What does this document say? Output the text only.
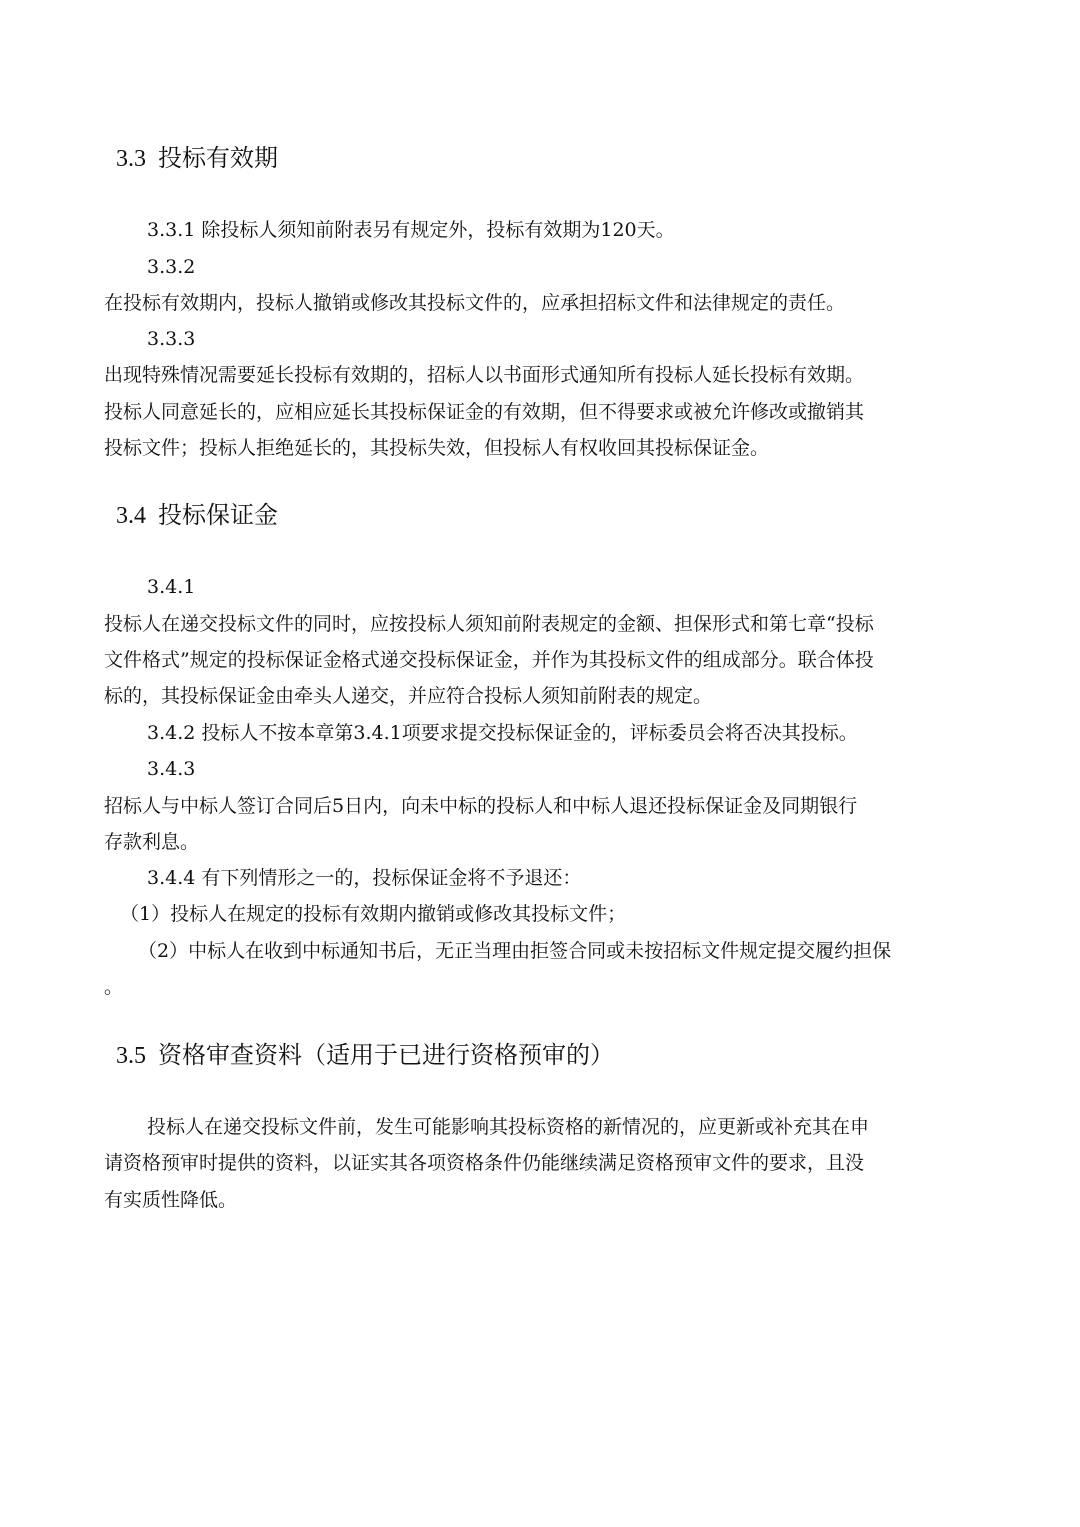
3.3 投标有效期
3.3.1 除投标人须知前附表另有规定外，投标有效期为120天。
3.3.2
在投标有效期内，投标人撤销或修改其投标文件的，应承担招标文件和法律规定的责任。
3.3.3
出现特殊情况需要延长投标有效期的，招标人以书面形式通知所有投标人延长投标有效期。
投标人同意延长的，应相应延长其投标保证金的有效期，但不得要求或被允许修改或撤销其
投标文件；投标人拒绝延长的，其投标失效，但投标人有权收回其投标保证金。
3.4 投标保证金
3.4.1
投标人在递交投标文件的同时，应按投标人须知前附表规定的金额、担保形式和第七章“投标
文件格式”规定的投标保证金格式递交投标保证金，并作为其投标文件的组成部分。联合体投
标的，其投标保证金由牵头人递交，并应符合投标人须知前附表的规定。
3.4.2 投标人不按本章第3.4.1项要求提交投标保证金的，评标委员会将否决其投标。
3.4.3
招标人与中标人签订合同后5日内，向未中标的投标人和中标人退还投标保证金及同期银行
存款利息。
3.4.4 有下列情形之一的，投标保证金将不予退还：
（1）投标人在规定的投标有效期内撤销或修改其投标文件；
（2）中标人在收到中标通知书后，无正当理由拒签合同或未按招标文件规定提交履约担保
。
3.5 资格审查资料（适用于已进行资格预审的）
投标人在递交投标文件前，发生可能影响其投标资格的新情况的，应更新或补充其在申
请资格预审时提供的资料，以证实其各项资格条件仍能继续满足资格预审文件的要求，且没
有实质性降低。
